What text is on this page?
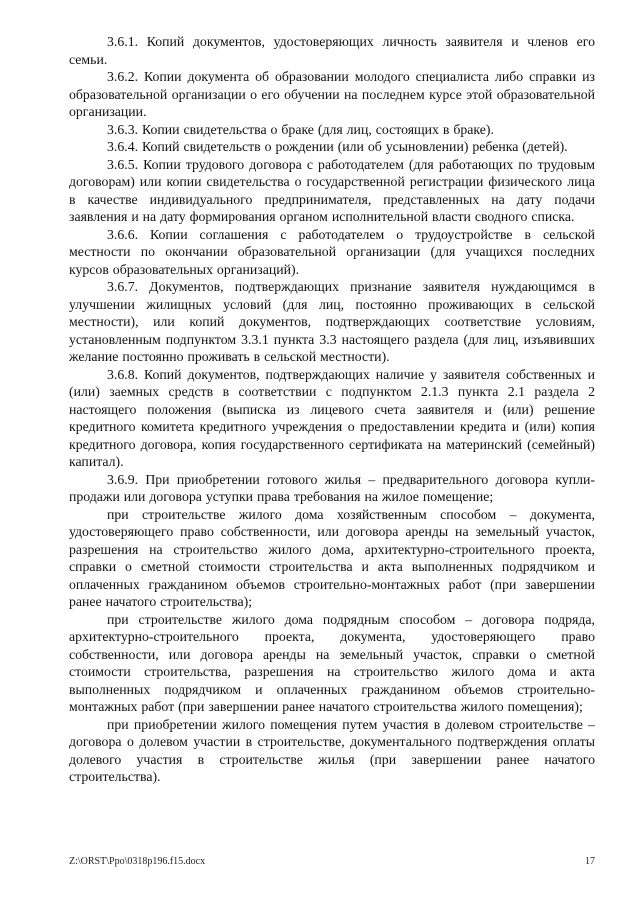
3.6.1. Копий документов, удостоверяющих личность заявителя и членов его семьи.

3.6.2. Копии документа об образовании молодого специалиста либо справки из образовательной организации о его обучении на последнем курсе этой образовательной организации.

3.6.3. Копии свидетельства о браке (для лиц, состоящих в браке).

3.6.4. Копий свидетельств о рождении (или об усыновлении) ребенка (детей).

3.6.5. Копии трудового договора с работодателем (для работающих по трудовым договорам) или копии свидетельства о государственной регистрации физического лица в качестве индивидуального предпринимателя, представленных на дату подачи заявления и на дату формирования органом исполнительной власти сводного списка.

3.6.6. Копии соглашения с работодателем о трудоустройстве в сельской местности по окончании образовательной организации (для учащихся последних курсов образовательных организаций).

3.6.7. Документов, подтверждающих признание заявителя нуждающимся в улучшении жилищных условий (для лиц, постоянно проживающих в сельской местности), или копий документов, подтверждающих соответствие условиям, установленным подпунктом 3.3.1 пункта 3.3 настоящего раздела (для лиц, изъявивших желание постоянно проживать в сельской местности).

3.6.8. Копий документов, подтверждающих наличие у заявителя собственных и (или) заемных средств в соответствии с подпунктом 2.1.3 пункта 2.1 раздела 2 настоящего положения (выписка из лицевого счета заявителя и (или) решение кредитного комитета кредитного учреждения о предоставлении кредита и (или) копия кредитного договора, копия государственного сертификата на материнский (семейный) капитал).

3.6.9. При приобретении готового жилья – предварительного договора купли-продажи или договора уступки права требования на жилое помещение;

при строительстве жилого дома хозяйственным способом – документа, удостоверяющего право собственности, или договора аренды на земельный участок, разрешения на строительство жилого дома, архитектурно-строительного проекта, справки о сметной стоимости строительства и акта выполненных подрядчиком и оплаченных гражданином объемов строительно-монтажных работ (при завершении ранее начатого строительства);

при строительстве жилого дома подрядным способом – договора подряда, архитектурно-строительного проекта, документа, удостоверяющего право собственности, или договора аренды на земельный участок, справки о сметной стоимости строительства, разрешения на строительство жилого дома и акта выполненных подрядчиком и оплаченных гражданином объемов строительно-монтажных работ (при завершении ранее начатого строительства жилого помещения);

при приобретении жилого помещения путем участия в долевом строительстве – договора о долевом участии в строительстве, документального подтверждения оплаты долевого участия в строительстве жилья (при завершении ранее начатого строительства).

Z:\ORST\Ppo\0318p196.f15.docx	17
